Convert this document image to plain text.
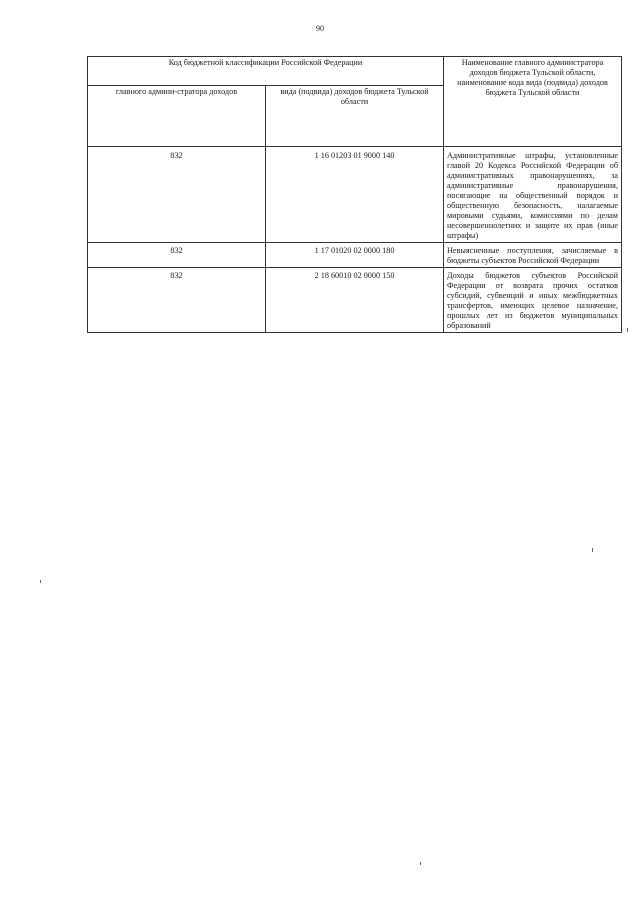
90
Код бюджетной классификации Российской Федерации		Наименование главного администратора доходов бюджета Тульской области, наименование кода вида (подвида) доходов бюджета Тульской области
главного админи-стратора доходов	вида (подвида) доходов бюджета Тульской области	
832	1 16 01203 01 9000 140	Административные штрафы, установленные главой 20 Кодекса Российской Федерации об административных правонарушениях, за административные правонарушения, посягающие на общественный порядок и общественную безопасность, налагаемые мировыми судьями, комиссиями по делам несовершеннолетних и защите их прав (иные штрафы)
832	1 17 01020 02 0000 180	Невыясненные поступления, зачисляемые в бюджеты субъектов Российской Федерации
832	2 18 60010 02 0000 150	Доходы бюджетов субъектов Российской Федерации от возврата прочих остатков субсидий, субвенций и иных межбюджетных трансфертов, имеющих целевое назначение, прошлых лет из бюджетов муниципальных образований
